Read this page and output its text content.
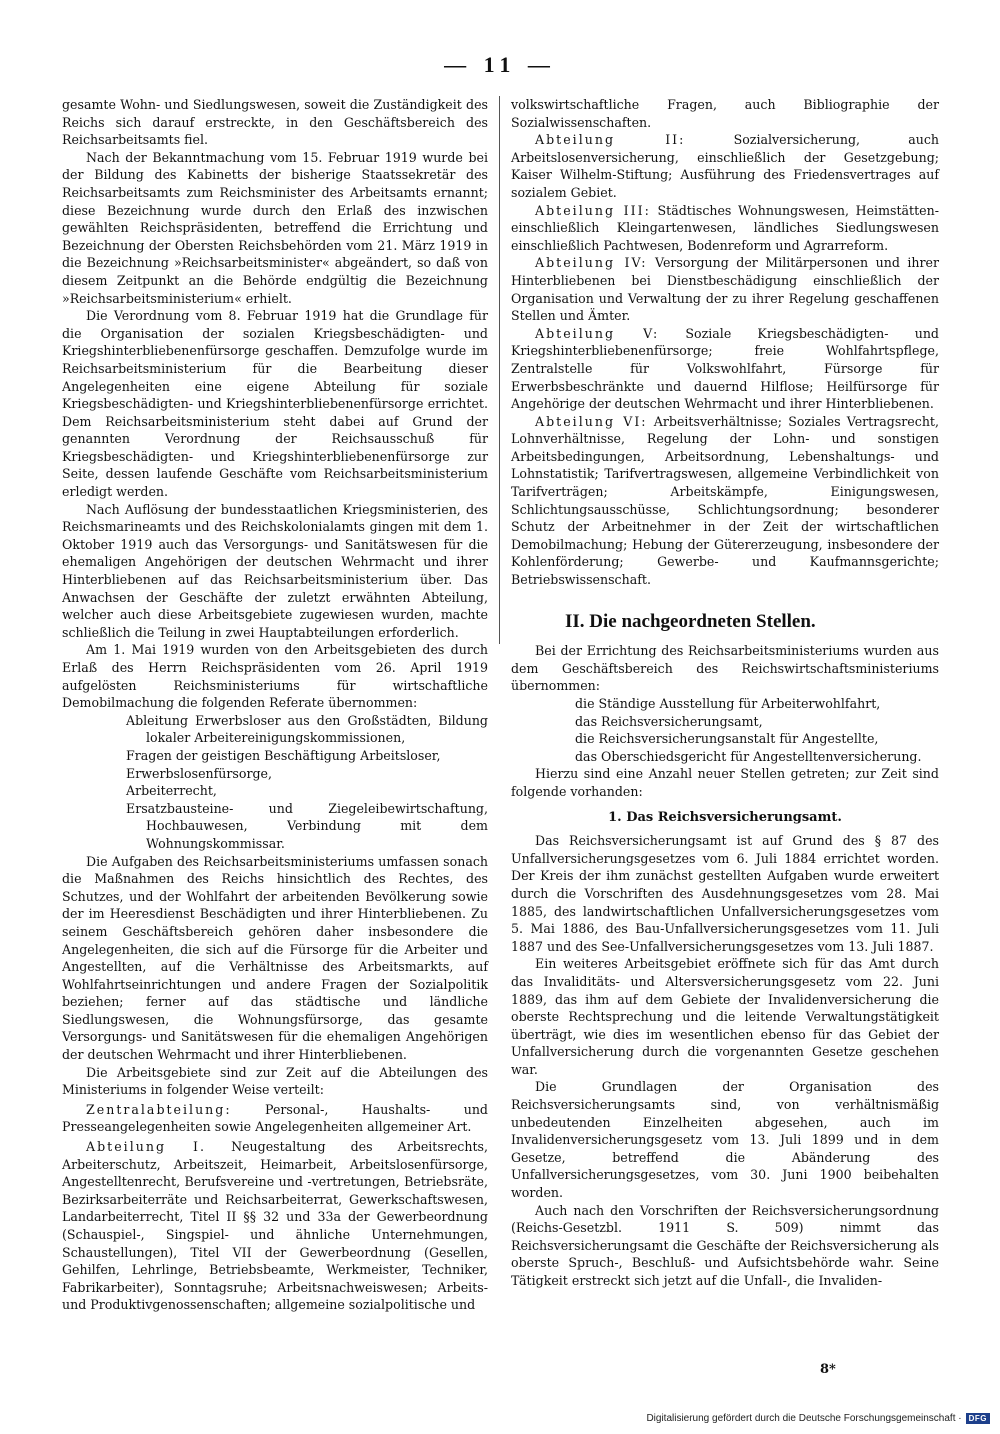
— 11 —

gesamte Wohn- und Siedlungswesen, soweit die Zuständigkeit des Reichs sich darauf erstreckte, in den Geschäftsbereich des Reichsarbeitsamts fiel.

Nach der Bekanntmachung vom 15. Februar 1919 wurde bei der Bildung des Kabinetts der bisherige Staatssekretär des Reichsarbeitsamts zum Reichsminister des Arbeitsamts ernannt; diese Bezeichnung wurde durch den Erlaß des inzwischen gewählten Reichspräsidenten, betreffend die Errichtung und Bezeichnung der Obersten Reichsbehörden vom 21. März 1919 in die Bezeichnung »Reichsarbeitsminister« abgeändert, so daß von diesem Zeitpunkt an die Behörde endgültig die Bezeichnung »Reichsarbeitsministerium« erhielt.

Die Verordnung vom 8. Februar 1919 hat die Grundlage für die Organisation der sozialen Kriegsbeschädigten- und Kriegshinterbliebenenfürsorge geschaffen. Demzufolge wurde im Reichsarbeitsministerium für die Bearbeitung dieser Angelegenheiten eine eigene Abteilung für soziale Kriegsbeschädigten- und Kriegshinterbliebenenfürsorge errichtet. Dem Reichsarbeitsministerium steht dabei auf Grund der genannten Verordnung der Reichsausschuß für Kriegsbeschädigten- und Kriegshinterbliebenenfürsorge zur Seite, dessen laufende Geschäfte vom Reichsarbeitsministerium erledigt werden.

Nach Auflösung der bundesstaatlichen Kriegsministerien, des Reichsmarineamts und des Reichskolonialamts gingen mit dem 1. Oktober 1919 auch das Versorgungs- und Sanitätswesen für die ehemaligen Angehörigen der deutschen Wehrmacht und ihrer Hinterbliebenen auf das Reichsarbeitsministerium über. Das Anwachsen der Geschäfte der zuletzt erwähnten Abteilung, welcher auch diese Arbeitsgebiete zugewiesen wurden, machte schließlich die Teilung in zwei Hauptabteilungen erforderlich.

Am 1. Mai 1919 wurden von den Arbeitsgebieten des durch Erlaß des Herrn Reichspräsidenten vom 26. April 1919 aufgelösten Reichsministeriums für wirtschaftliche Demobilmachung die folgenden Referate übernommen:

Ableitung Erwerbsloser aus den Großstädten, Bildung lokaler Arbeitereinigungskommissionen,
Fragen der geistigen Beschäftigung Arbeitsloser,
Erwerbslosenfürsorge,
Arbeiterrecht,
Ersatzbausteine- und Ziegeleibewirtschaftung, Hochbauwesen, Verbindung mit dem Wohnungskommissar.

Die Aufgaben des Reichsarbeitsministeriums umfassen sonach die Maßnahmen des Reichs hinsichtlich des Rechtes, des Schutzes, und der Wohlfahrt der arbeitenden Bevölkerung sowie der im Heeresdienst Beschädigten und ihrer Hinterbliebenen. Zu seinem Geschäftsbereich gehören daher insbesondere die Angelegenheiten, die sich auf die Fürsorge für die Arbeiter und Angestellten, auf die Verhältnisse des Arbeitsmarkts, auf Wohlfahrtseinrichtungen und andere Fragen der Sozialpolitik beziehen; ferner auf das städtische und ländliche Siedlungswesen, die Wohnungsfürsorge, das gesamte Versorgungs- und Sanitätswesen für die ehemaligen Angehörigen der deutschen Wehrmacht und ihrer Hinterbliebenen.

Die Arbeitsgebiete sind zur Zeit auf die Abteilungen des Ministeriums in folgender Weise verteilt:

Zentralabteilung: Personal-, Haushalts- und Presseangelegenheiten sowie Angelegenheiten allgemeiner Art.

Abteilung I. Neugestaltung des Arbeitsrechts, Arbeiterschutz, Arbeitszeit, Heimarbeit, Arbeitslosenfürsorge, Angestelltenrecht, Berufsvereine und -vertretungen, Betriebsräte, Bezirksarbeiterräte und Reichsarbeiterrat, Gewerkschaftswesen, Landarbeiterrecht, Titel II §§ 32 und 33a der Gewerbeordnung (Schauspiel-, Singspiel- und ähnliche Unternehmungen, Schaustellungen), Titel VII der Gewerbeordnung (Gesellen, Gehilfen, Lehrlinge, Betriebsbeamte, Werkmeister, Techniker, Fabrikarbeiter), Sonntagsruhe; Arbeitsnachweiswesen; Arbeits- und Produktivgenossenschaften; allgemeine sozialpolitische und

volkswirtschaftliche Fragen, auch Bibliographie der Sozialwissenschaften.

Abteilung II: Sozialversicherung, auch Arbeitslosenversicherung, einschließlich der Gesetzgebung; Kaiser Wilhelm-Stiftung; Ausführung des Friedensvertrages auf sozialem Gebiet.

Abteilung III: Städtisches Wohnungswesen, Heimstätten- einschließlich Kleingartenwesen, ländliches Siedlungswesen einschließlich Pachtwesen, Bodenreform und Agrarreform.

Abteilung IV: Versorgung der Militärpersonen und ihrer Hinterbliebenen bei Dienstbeschädigung einschließlich der Organisation und Verwaltung der zu ihrer Regelung geschaffenen Stellen und Ämter.

Abteilung V: Soziale Kriegsbeschädigten- und Kriegshinterbliebenenfürsorge; freie Wohlfahrtspflege, Zentralstelle für Volkswohlfahrt, Fürsorge für Erwerbsbeschränkte und dauernd Hilflose; Heilfürsorge für Angehörige der deutschen Wehrmacht und ihrer Hinterbliebenen.

Abteilung VI: Arbeitsverhältnisse; Soziales Vertragsrecht, Lohnverhältnisse, Regelung der Lohn- und sonstigen Arbeitsbedingungen, Arbeitsordnung, Lebenshaltungs- und Lohnstatistik; Tarifvertragswesen, allgemeine Verbindlichkeit von Tarifverträgen; Arbeitskämpfe, Einigungswesen, Schlichtungsausschüsse, Schlichtungsordnung; besonderer Schutz der Arbeitnehmer in der Zeit der wirtschaftlichen Demobilmachung; Hebung der Gütererzeugung, insbesondere der Kohlenförderung; Gewerbe- und Kaufmannsgerichte; Betriebswissenschaft.

II. Die nachgeordneten Stellen.

Bei der Errichtung des Reichsarbeitsministeriums wurden aus dem Geschäftsbereich des Reichswirtschaftsministeriums übernommen:

die Ständige Ausstellung für Arbeiterwohlfahrt,
das Reichsversicherungsamt,
die Reichsversicherungsanstalt für Angestellte,
das Oberschiedsgericht für Angestelltenversicherung.

Hierzu sind eine Anzahl neuer Stellen getreten; zur Zeit sind folgende vorhanden:

1. Das Reichsversicherungsamt.

Das Reichsversicherungsamt ist auf Grund des § 87 des Unfallversicherungsgesetzes vom 6. Juli 1884 errichtet worden. Der Kreis der ihm zunächst gestellten Aufgaben wurde erweitert durch die Vorschriften des Ausdehnungsgesetzes vom 28. Mai 1885, des landwirtschaftlichen Unfallversicherungsgesetzes vom 5. Mai 1886, des Bau-Unfallversicherungsgesetzes vom 11. Juli 1887 und des See-Unfallversicherungsgesetzes vom 13. Juli 1887.

Ein weiteres Arbeitsgebiet eröffnete sich für das Amt durch das Invaliditäts- und Altersversicherungsgesetz vom 22. Juni 1889, das ihm auf dem Gebiete der Invalidenversicherung die oberste Rechtsprechung und die leitende Verwaltungstätigkeit überträgt, wie dies im wesentlichen ebenso für das Gebiet der Unfallversicherung durch die vorgenannten Gesetze geschehen war.

Die Grundlagen der Organisation des Reichsversicherungsamts sind, von verhältnismäßig unbedeutenden Einzelheiten abgesehen, auch im Invalidenversicherungsgesetz vom 13. Juli 1899 und in dem Gesetze, betreffend die Abänderung des Unfallversicherungsgesetzes, vom 30. Juni 1900 beibehalten worden.

Auch nach den Vorschriften der Reichsversicherungsordnung (Reichs-Gesetzbl. 1911 S. 509) nimmt das Reichsversicherungsamt die Geschäfte der Reichsversicherung als oberste Spruch-, Beschluß- und Aufsichtsbehörde wahr. Seine Tätigkeit erstreckt sich jetzt auf die Unfall-, die Invaliden-

8*
Digitalisierung gefördert durch die Deutsche Forschungsgemeinschaft · DFG
